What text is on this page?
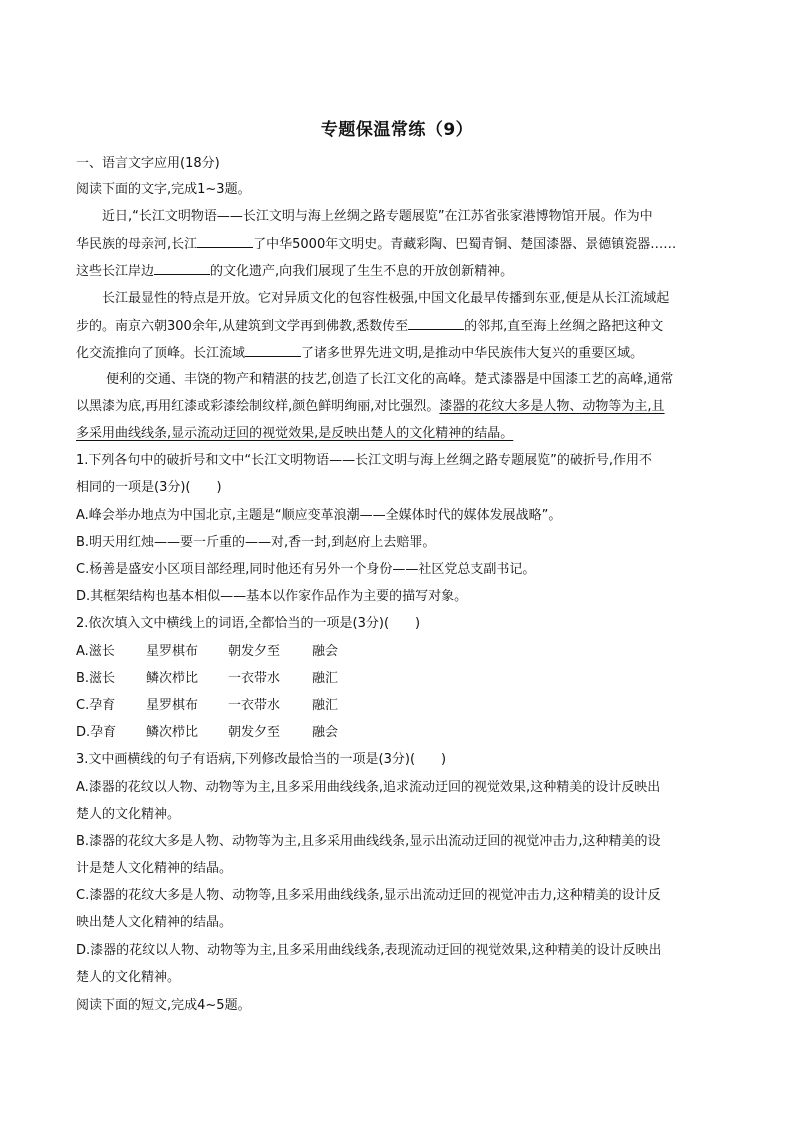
专题保温常练（9）
一、语言文字应用(18分)
阅读下面的文字,完成1~3题。
近日,“长江文明物语——长江文明与海上丝绸之路专题展览”在江苏省张家港博物馆开展。作为中
华民族的母亲河,长江	了中华5000年文明史。青藏彩陶、巴蜀青铜、楚国漆器、景德镇瓷器……
这些长江岸边	的文化遗产,向我们展现了生生不息的开放创新精神。
长江最显性的特点是开放。它对异质文化的包容性极强,中国文化最早传播到东亚,便是从长江流域起
步的。南京六朝300余年,从建筑到文学再到佛教,悉数传至	的邻邦,直至海上丝绸之路把这种文
化交流推向了顶峰。长江流域	了诸多世界先进文明,是推动中华民族伟大复兴的重要区域。
便利的交通、丰饶的物产和精湛的技艺,创造了长江文化的高峰。楚式漆器是中国漆工艺的高峰,通常
以黑漆为底,再用红漆或彩漆绘制纹样,颜色鲜明绚丽,对比强烈。漆器的花纹大多是人物、动物等为主,且
多采用曲线线条,显示流动迂回的视觉效果,是反映出楚人的文化精神的结晶。
1.下列各句中的破折号和文中“长江文明物语——长江文明与海上丝绸之路专题展览”的破折号,作用不
相同的一项是(3分)(　　)
A.峰会举办地点为中国北京,主题是“顺应变革浪潮——全媒体时代的媒体发展战略”。
B.明天用红烛——要一斤重的——对,香一封,到赵府上去赔罪。
C.杨善是盛安小区项目部经理,同时他还有另外一个身份——社区党总支副书记。
D.其框架结构也基本相似——基本以作家作品作为主要的描写对象。
2.依次填入文中横线上的词语,全都恰当的一项是(3分)(　　)
A.滋长 星罗棋布 朝发夕至 融会
B.滋长 鳞次栉比 一衣带水 融汇
C.孕育 星罗棋布 一衣带水 融汇
D.孕育 鳞次栉比 朝发夕至 融会
3.文中画横线的句子有语病,下列修改最恰当的一项是(3分)(　　)
A.漆器的花纹以人物、动物等为主,且多采用曲线线条,追求流动迂回的视觉效果,这种精美的设计反映出
楚人的文化精神。
B.漆器的花纹大多是人物、动物等为主,且多采用曲线线条,显示出流动迂回的视觉冲击力,这种精美的设
计是楚人文化精神的结晶。
C.漆器的花纹大多是人物、动物等,且多采用曲线线条,显示出流动迂回的视觉冲击力,这种精美的设计反
映出楚人文化精神的结晶。
D.漆器的花纹以人物、动物等为主,且多采用曲线线条,表现流动迂回的视觉效果,这种精美的设计反映出
楚人的文化精神。
阅读下面的短文,完成4~5题。
